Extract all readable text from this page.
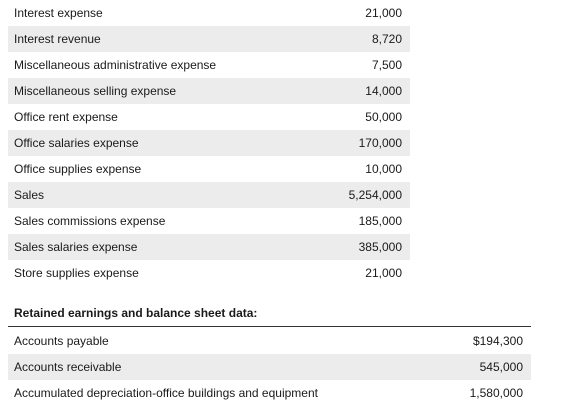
Interest expense	21,000
Interest revenue	8,720
Miscellaneous administrative expense	7,500
Miscellaneous selling expense	14,000
Office rent expense	50,000
Office salaries expense	170,000
Office supplies expense	10,000
Sales	5,254,000
Sales commissions expense	185,000
Sales salaries expense	385,000
Store supplies expense	21,000
Retained earnings and balance sheet data:
Accounts payable	$194,300
Accounts receivable	545,000
Accumulated depreciation-office buildings and equipment	1,580,000
